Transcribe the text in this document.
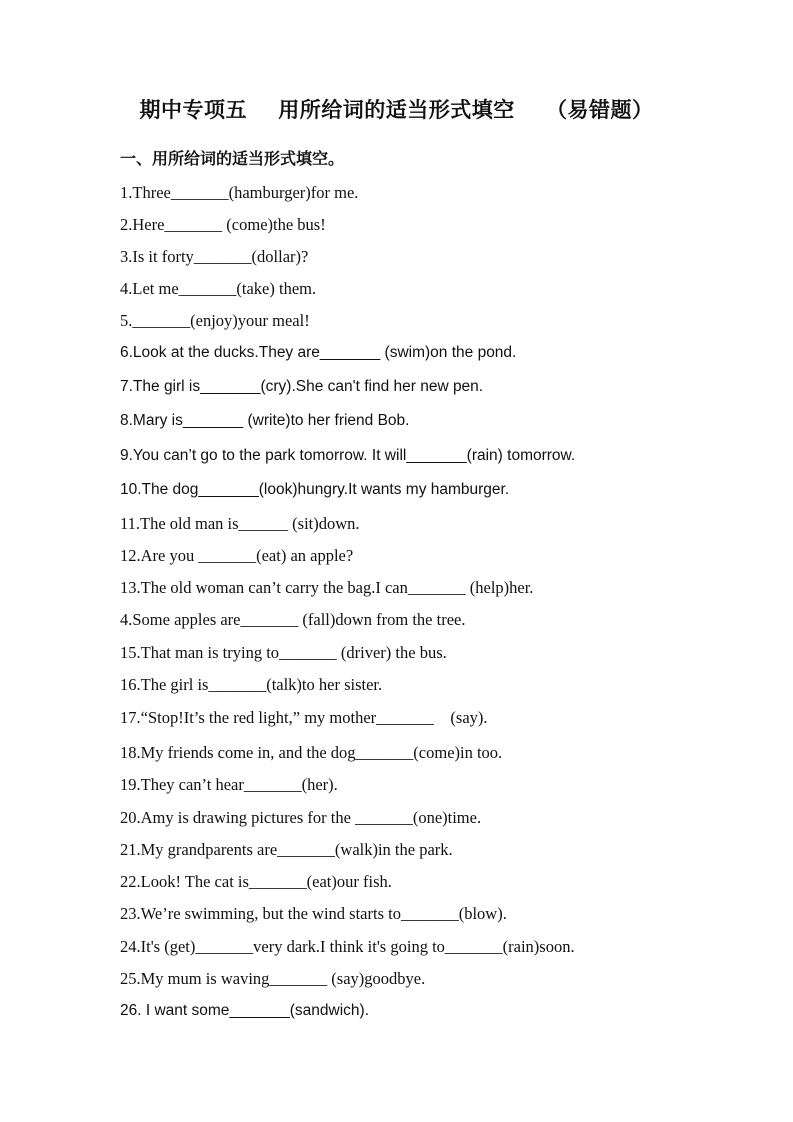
期中专项五    用所给词的适当形式填空    （易错题）
一、用所给词的适当形式填空。
1.Three_______(hamburger)for me.
2.Here_______ (come)the bus!
3.Is it forty_______(dollar)?
4.Let me_______(take) them.
5._______(enjoy)your meal!
6.Look at the ducks.They are_______ (swim)on the pond.
7.The girl is_______(cry).She can't find her new pen.
8.Mary is_______ (write)to her friend Bob.
9.You can’t go to the park tomorrow. It will_______(rain) tomorrow.
10.The dog_______(look)hungry.It wants my hamburger.
11.The old man is______ (sit)down.
12.Are you _______(eat) an apple?
13.The old woman can’t carry the bag.I can_______ (help)her.
4.Some apples are_______ (fall)down from the tree.
15.That man is trying to_______ (driver) the bus.
16.The girl is_______(talk)to her sister.
17.“Stop!It’s the red light,” my mother_______    (say).
18.My friends come in, and the dog_______(come)in too.
19.They can’t hear_______(her).
20.Amy is drawing pictures for the _______(one)time.
21.My grandparents are_______(walk)in the park.
22.Look! The cat is_______(eat)our fish.
23.We’re swimming, but the wind starts to_______(blow).
24.It's (get)_______very dark.I think it's going to_______(rain)soon.
25.My mum is waving_______ (say)goodbye.
26. I want some_______(sandwich).
